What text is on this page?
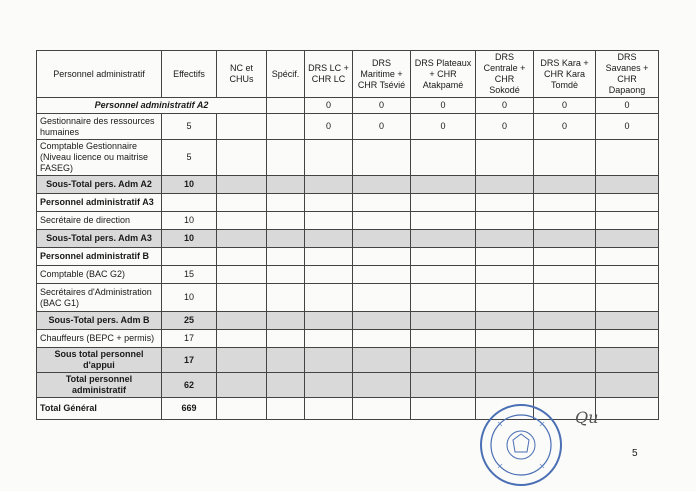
Personnel administratif	Effectifs	NC et CHUs	Spécif.	DRS LC + CHR LC	DRS Maritime + CHR Tsévié	DRS Plateaux + CHR Atakpamé	DRS Centrale + CHR Sokodé	DRS Kara + CHR Kara Tomdè	DRS Savanes + CHR Dapaong
Personnel administratif A2				0	0	0	0	0	0
Gestionnaire des ressources humaines	5			0	0	0	0	0	0
Comptable Gestionnaire (Niveau licence ou maitrise FASEG)	5								
Sous-Total pers. Adm A2	10								
Personnel administratif A3									
Secrétaire de direction	10								
Sous-Total pers. Adm A3	10								
Personnel administratif B									
Comptable (BAC G2)	15								
Secrétaires d'Administration (BAC G1)	10								
Sous-Total pers. Adm B	25								
Chauffeurs (BEPC + permis)	17								
Sous total personnel d'appui	17								
Total personnel administratif	62								
Total Général	669									Qu
5
